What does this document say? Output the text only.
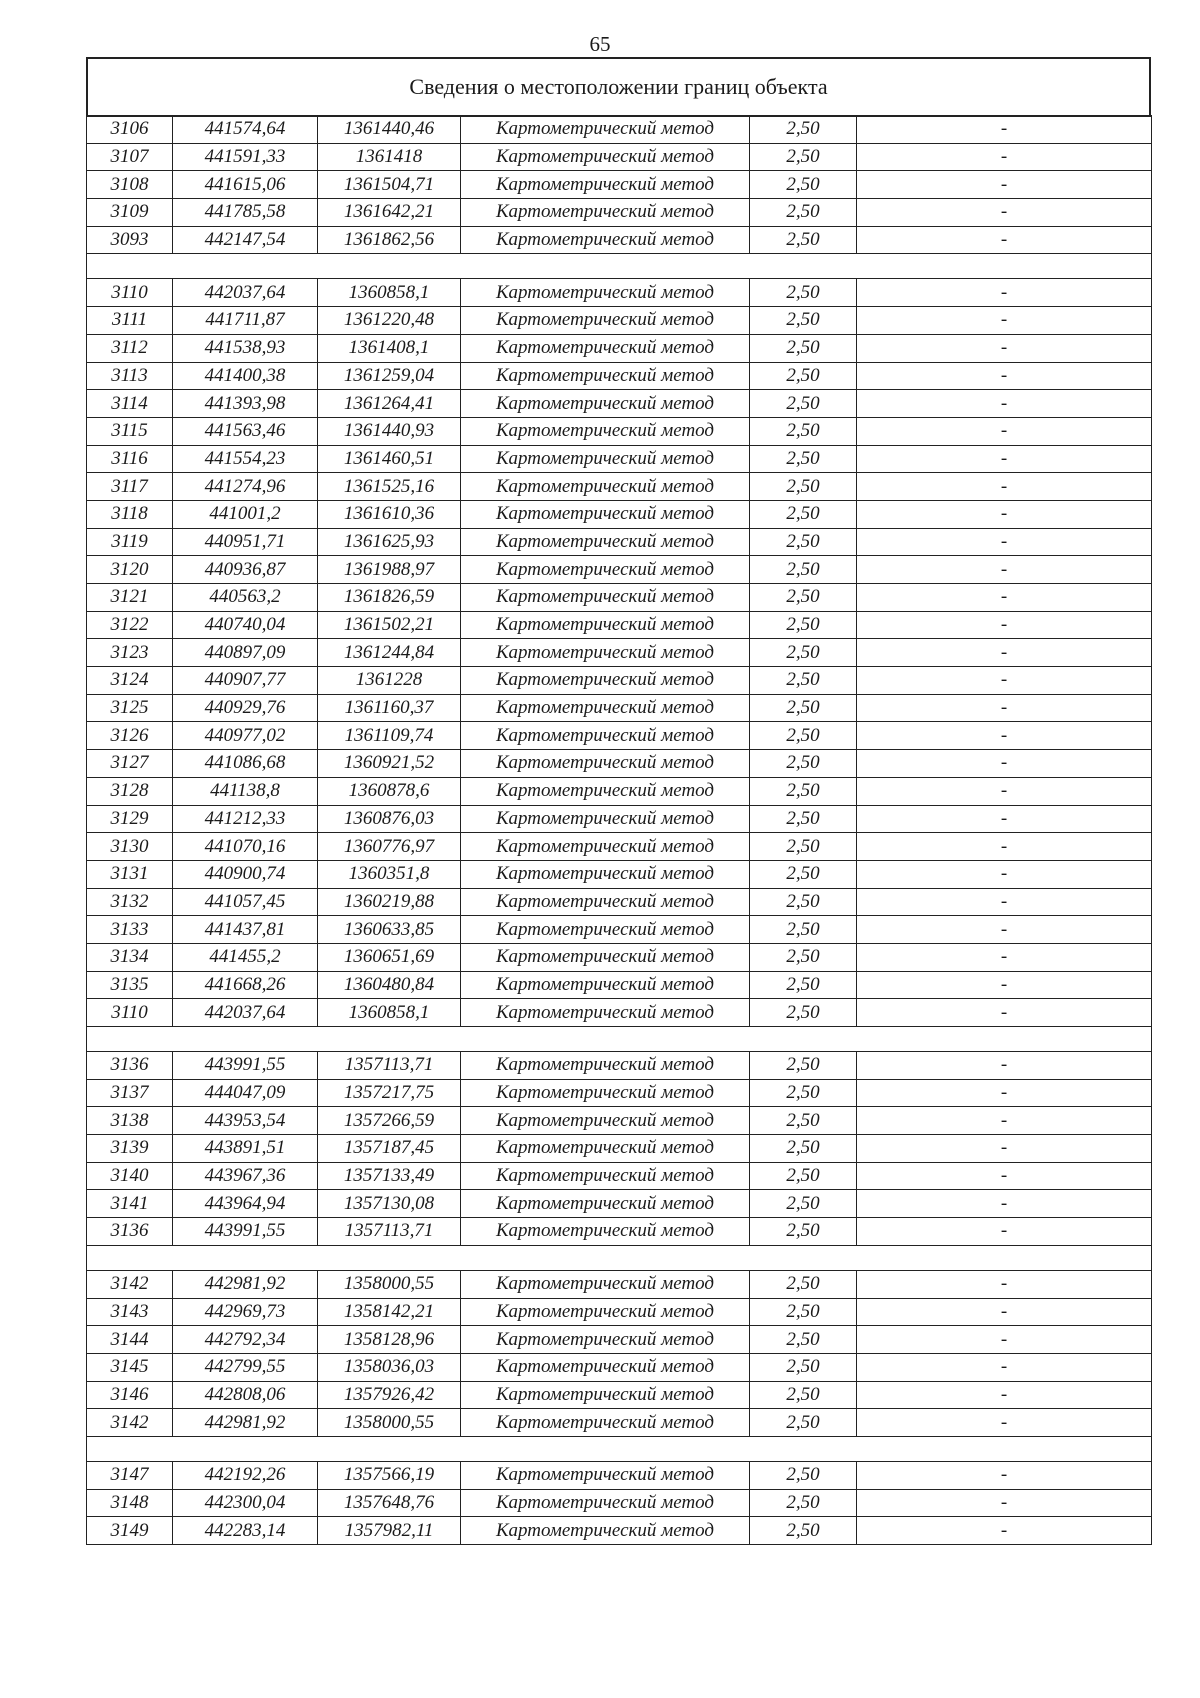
65
Сведения о местоположении границ объекта
3106	441574,64	1361440,46	Картометрический метод	2,50	-
3107	441591,33	1361418	Картометрический метод	2,50	-
3108	441615,06	1361504,71	Картометрический метод	2,50	-
3109	441785,58	1361642,21	Картометрический метод	2,50	-
3093	442147,54	1361862,56	Картометрический метод	2,50	-

3110	442037,64	1360858,1	Картометрический метод	2,50	-
3111	441711,87	1361220,48	Картометрический метод	2,50	-
3112	441538,93	1361408,1	Картометрический метод	2,50	-
3113	441400,38	1361259,04	Картометрический метод	2,50	-
3114	441393,98	1361264,41	Картометрический метод	2,50	-
3115	441563,46	1361440,93	Картометрический метод	2,50	-
3116	441554,23	1361460,51	Картометрический метод	2,50	-
3117	441274,96	1361525,16	Картометрический метод	2,50	-
3118	441001,2	1361610,36	Картометрический метод	2,50	-
3119	440951,71	1361625,93	Картометрический метод	2,50	-
3120	440936,87	1361988,97	Картометрический метод	2,50	-
3121	440563,2	1361826,59	Картометрический метод	2,50	-
3122	440740,04	1361502,21	Картометрический метод	2,50	-
3123	440897,09	1361244,84	Картометрический метод	2,50	-
3124	440907,77	1361228	Картометрический метод	2,50	-
3125	440929,76	1361160,37	Картометрический метод	2,50	-
3126	440977,02	1361109,74	Картометрический метод	2,50	-
3127	441086,68	1360921,52	Картометрический метод	2,50	-
3128	441138,8	1360878,6	Картометрический метод	2,50	-
3129	441212,33	1360876,03	Картометрический метод	2,50	-
3130	441070,16	1360776,97	Картометрический метод	2,50	-
3131	440900,74	1360351,8	Картометрический метод	2,50	-
3132	441057,45	1360219,88	Картометрический метод	2,50	-
3133	441437,81	1360633,85	Картометрический метод	2,50	-
3134	441455,2	1360651,69	Картометрический метод	2,50	-
3135	441668,26	1360480,84	Картометрический метод	2,50	-
3110	442037,64	1360858,1	Картометрический метод	2,50	-

3136	443991,55	1357113,71	Картометрический метод	2,50	-
3137	444047,09	1357217,75	Картометрический метод	2,50	-
3138	443953,54	1357266,59	Картометрический метод	2,50	-
3139	443891,51	1357187,45	Картометрический метод	2,50	-
3140	443967,36	1357133,49	Картометрический метод	2,50	-
3141	443964,94	1357130,08	Картометрический метод	2,50	-
3136	443991,55	1357113,71	Картометрический метод	2,50	-

3142	442981,92	1358000,55	Картометрический метод	2,50	-
3143	442969,73	1358142,21	Картометрический метод	2,50	-
3144	442792,34	1358128,96	Картометрический метод	2,50	-
3145	442799,55	1358036,03	Картометрический метод	2,50	-
3146	442808,06	1357926,42	Картометрический метод	2,50	-
3142	442981,92	1358000,55	Картометрический метод	2,50	-

3147	442192,26	1357566,19	Картометрический метод	2,50	-
3148	442300,04	1357648,76	Картометрический метод	2,50	-
3149	442283,14	1357982,11	Картометрический метод	2,50	-
